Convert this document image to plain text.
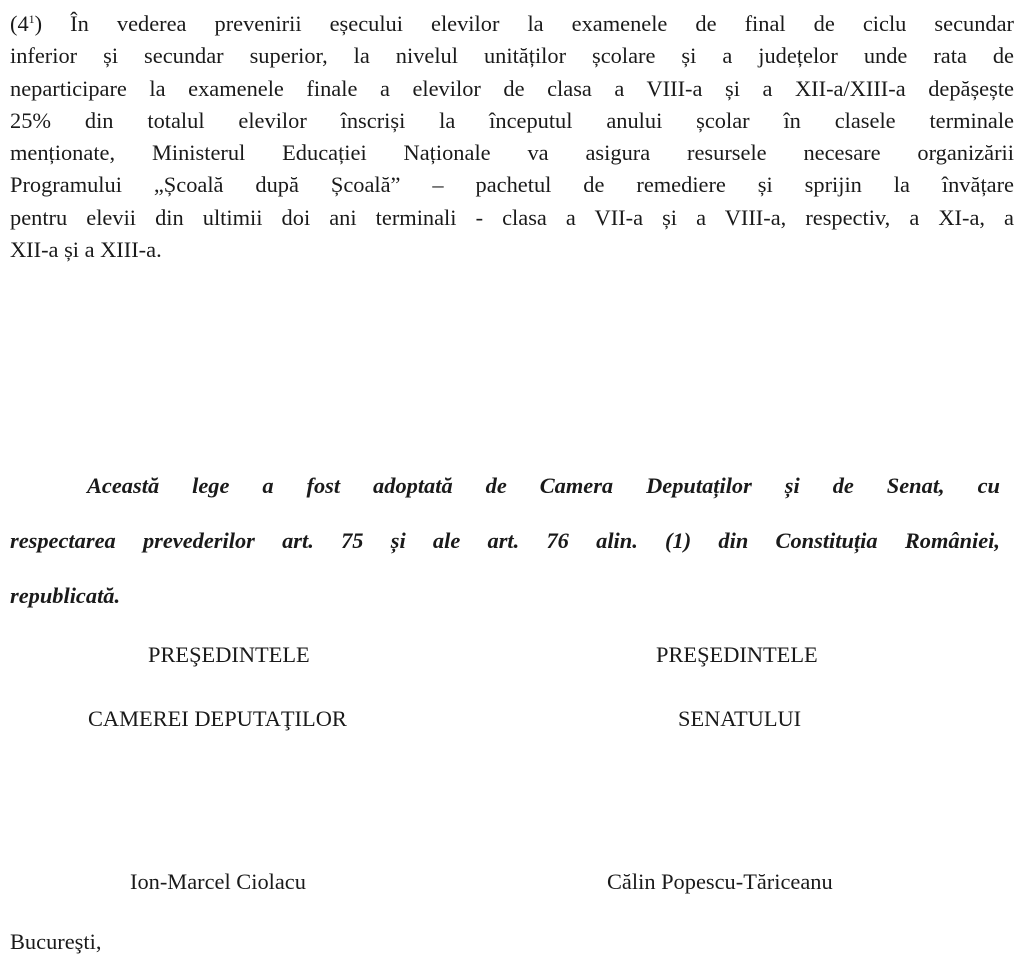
(4$^1$) În vederea prevenirii eșecului elevilor la examenele de final de ciclu secundar
inferior și secundar superior, la nivelul unităților școlare și a județelor unde rata de
neparticipare la examenele finale a elevilor de clasa a VIII-a și a XII-a/XIII-a depășește
25% din totalul elevilor înscriși la începutul anului școlar în clasele terminale
menționate, Ministerul Educației Naționale va asigura resursele necesare organizării
Programului „Școală după Școală” – pachetul de remediere și sprijin la învățare
pentru elevii din ultimii doi ani terminali - clasa a VII-a și a VIII-a, respectiv, a XI-a, a
XII-a și a XIII-a.
Această lege a fost adoptată de Camera Deputaților și de Senat, cu
respectarea prevederilor art. 75 și ale art. 76 alin. (1) din Constituția României,
republicată.
PREŞEDINTELE
CAMEREI DEPUTAŢILOR
Ion-Marcel Ciolacu
PREŞEDINTELE
SENATULUI
Călin Popescu-Tăriceanu
Bucureşti,
